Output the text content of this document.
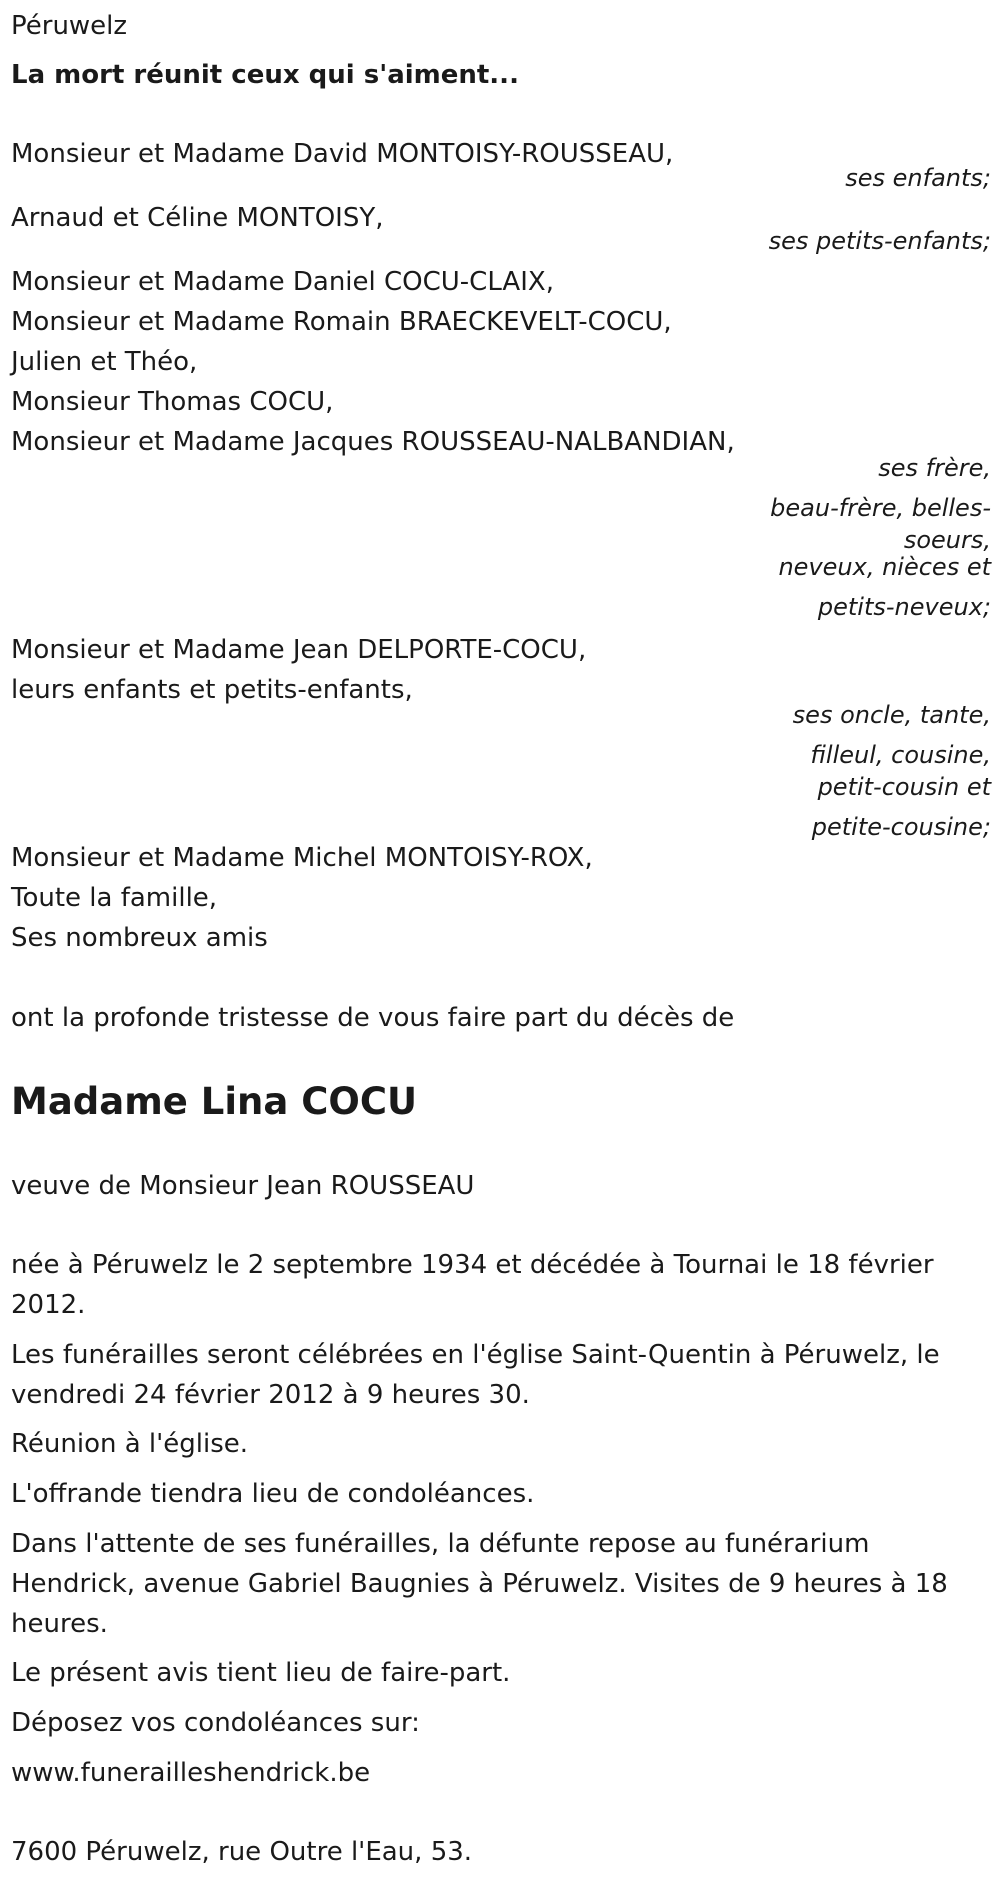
Péruwelz

La mort réunit ceux qui s'aiment...

Monsieur et Madame David MONTOISY-ROUSSEAU,

ses enfants;

Arnaud et Céline MONTOISY,

ses petits-enfants;

Monsieur et Madame Daniel COCU-CLAIX,

Monsieur et Madame Romain BRAECKEVELT-COCU,

Julien et Théo,

Monsieur Thomas COCU,

Monsieur et Madame Jacques ROUSSEAU-NALBANDIAN,

ses frère,
beau-frère, belles-
soeurs,
neveux, nièces et
petits-neveux;

Monsieur et Madame Jean DELPORTE-COCU,

leurs enfants et petits-enfants,

ses oncle, tante,
filleul, cousine,
petit-cousin et
petite-cousine;

Monsieur et Madame Michel MONTOISY-ROX,

Toute la famille,

Ses nombreux amis

ont la profonde tristesse de vous faire part du décès de

Madame Lina COCU

veuve de Monsieur Jean ROUSSEAU

née à Péruwelz le 2 septembre 1934 et décédée à Tournai le 18 février 2012.

Les funérailles seront célébrées en l'église Saint-Quentin à Péruwelz, le vendredi 24 février 2012 à 9 heures 30.

Réunion à l'église.

L'offrande tiendra lieu de condoléances.

Dans l'attente de ses funérailles, la défunte repose au funérarium Hendrick, avenue Gabriel Baugnies à Péruwelz. Visites de 9 heures à 18 heures.

Le présent avis tient lieu de faire-part.

Déposez vos condoléances sur:

www.funerailleshendrick.be

7600 Péruwelz, rue Outre l'Eau, 53.
